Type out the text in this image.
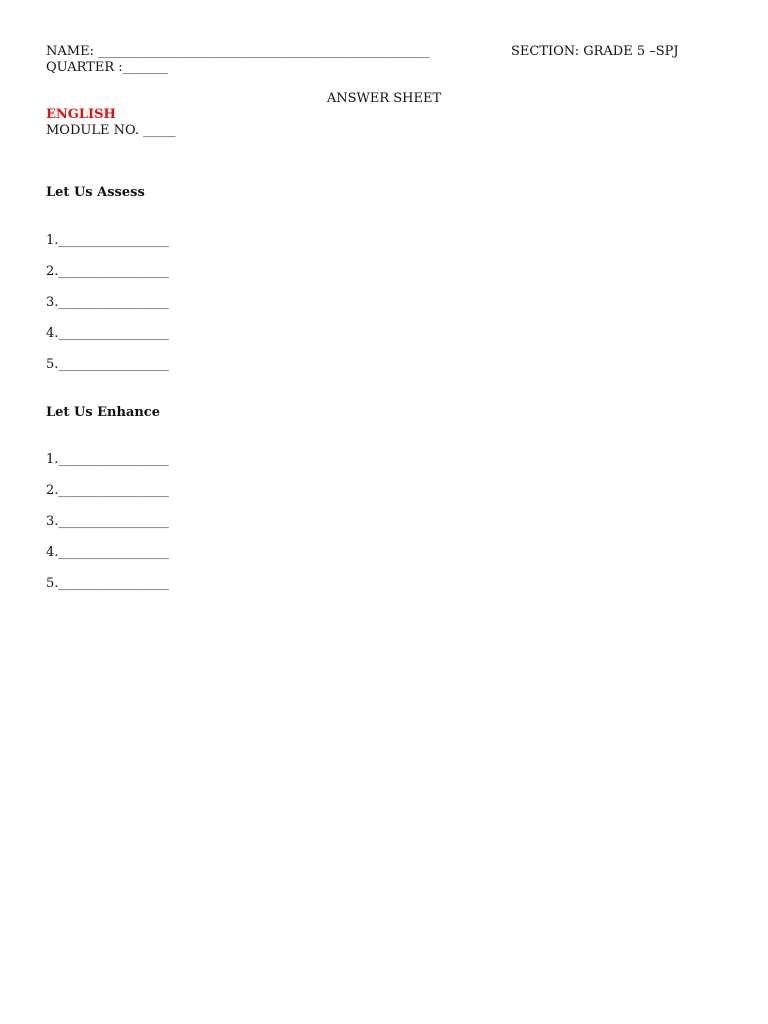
NAME: ___________________________________________________	SECTION: GRADE 5 –SPJ
QUARTER :_______
ANSWER SHEET
ENGLISH
MODULE NO. _____
Let Us Assess
1._________________
2._________________
3._________________
4._________________
5._________________
Let Us Enhance
1._________________
2._________________
3._________________
4._________________
5._________________
